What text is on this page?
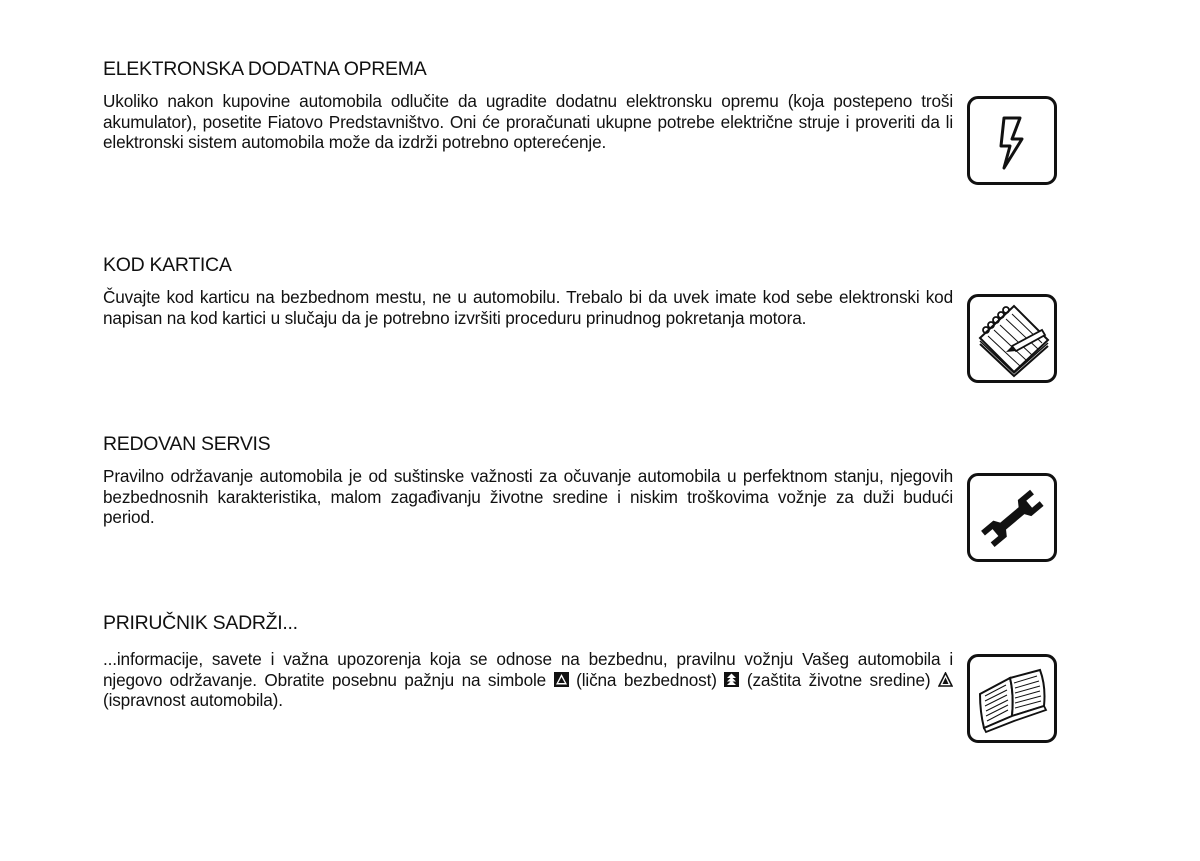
ELEKTRONSKA DODATNA OPREMA

Ukoliko nakon kupovine automobila odlučite da ugradite dodatnu elektronsku opremu (koja postepeno troši akumulator), posetite Fiatovo Predstavništvo. Oni će proračunati ukupne potrebe električne struje i proveriti da li elektronski sistem automobila može da izdrži potrebno opterećenje.

KOD KARTICA

Čuvajte kod karticu na bezbednom mestu, ne u automobilu. Trebalo bi da uvek imate kod sebe elektronski kod napisan na kod kartici u slučaju da je potrebno izvršiti proceduru prinudnog pokretanja motora.

REDOVAN SERVIS

Pravilno održavanje automobila je od suštinske važnosti za očuvanje automobila u perfektnom stanju, njegovih bezbednosnih karakteristika, malom zagađivanju životne sredine i niskim troškovima vožnje za duži budući period.

PRIRUČNIK SADRŽI...

...informacije, savete i važna upozorenja koja se odnose na bezbednu, pravilnu vožnju Vašeg automobila i njegovo održavanje. Obratite posebnu pažnju na simbole (lična bezbednost) (zaštita životne sredine)  (ispravnost automobila).
